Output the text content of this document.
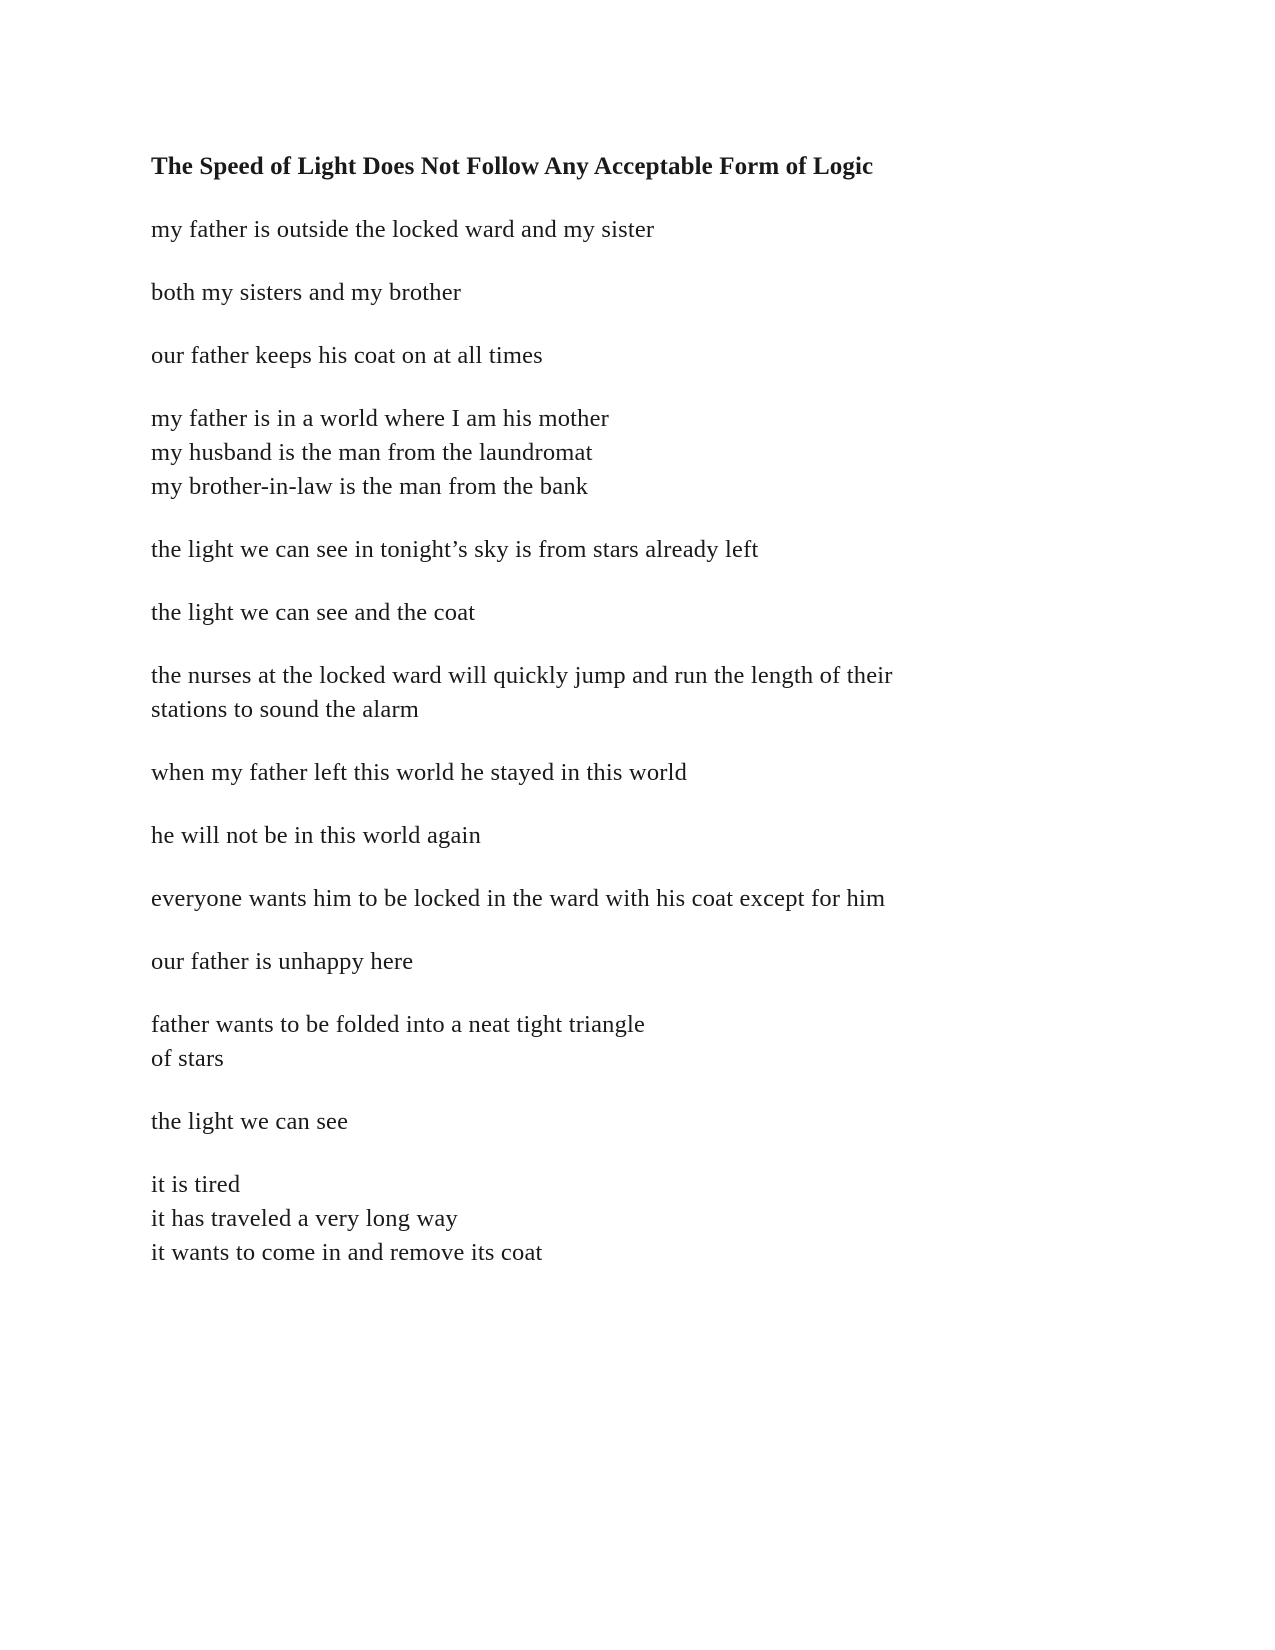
The Speed of Light Does Not Follow Any Acceptable Form of Logic

my father is outside the locked ward and my sister

both my sisters and my brother

our father keeps his coat on at all times

my father is in a world where I am his mother
my husband is the man from the laundromat
my brother-in-law is the man from the bank

the light we can see in tonight’s sky is from stars already left

the light we can see and the coat

the nurses at the locked ward will quickly jump and run the length of their
stations to sound the alarm

when my father left this world he stayed in this world

he will not be in this world again

everyone wants him to be locked in the ward with his coat except for him

our father is unhappy here

father wants to be folded into a neat tight triangle
of stars

the light we can see

it is tired
it has traveled a very long way
it wants to come in and remove its coat
